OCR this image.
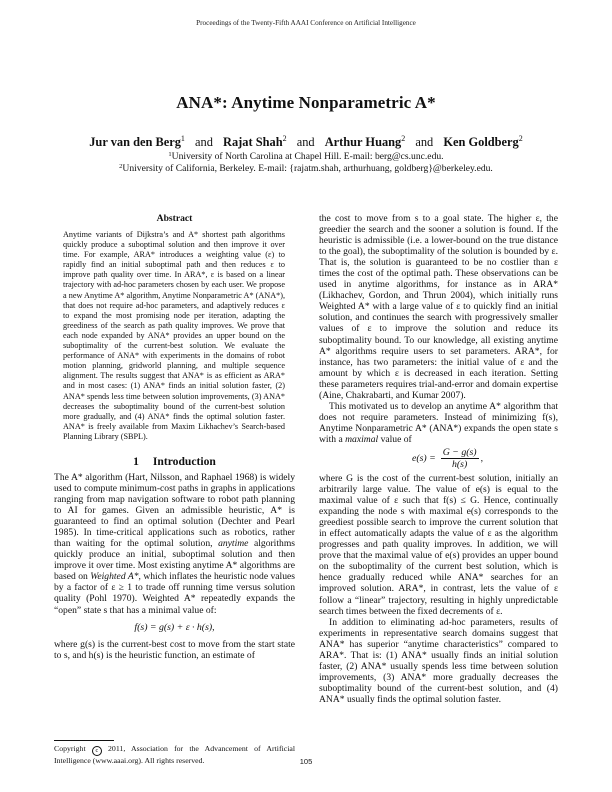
Proceedings of the Twenty-Fifth AAAI Conference on Artificial Intelligence
ANA*: Anytime Nonparametric A*
Jur van den Berg$^1$ and Rajat Shah$^2$ and Arthur Huang$^2$ and Ken Goldberg$^2$
$^1$University of North Carolina at Chapel Hill. E-mail: berg@cs.unc.edu.
$^2$University of California, Berkeley. E-mail: {rajatm.shah, arthurhuang, goldberg}@berkeley.edu.
Abstract

Anytime variants of Dijkstra’s and A* shortest path algorithms quickly produce a suboptimal solution and then improve it over time. For example, ARA* introduces a weighting value (ε) to rapidly find an initial suboptimal path and then reduces ε to improve path quality over time. In ARA*, ε is based on a linear trajectory with ad-hoc parameters chosen by each user. We propose a new Anytime A* algorithm, Anytime Nonparametric A* (ANA*), that does not require ad-hoc parameters, and adaptively reduces ε to expand the most promising node per iteration, adapting the greediness of the search as path quality improves. We prove that each node expanded by ANA* provides an upper bound on the suboptimality of the current-best solution. We evaluate the performance of ANA* with experiments in the domains of robot motion planning, gridworld planning, and multiple sequence alignment. The results suggest that ANA* is as efficient as ARA* and in most cases: (1) ANA* finds an initial solution faster, (2) ANA* spends less time between solution improvements, (3) ANA* decreases the suboptimality bound of the current-best solution more gradually, and (4) ANA* finds the optimal solution faster. ANA* is freely available from Maxim Likhachev’s Search-based Planning Library (SBPL).

1 Introduction

The A* algorithm (Hart, Nilsson, and Raphael 1968) is widely used to compute minimum-cost paths in graphs in applications ranging from map navigation software to robot path planning to AI for games. Given an admissible heuristic, A* is guaranteed to find an optimal solution (Dechter and Pearl 1985). In time-critical applications such as robotics, rather than waiting for the optimal solution, anytime algorithms quickly produce an initial, suboptimal solution and then improve it over time. Most existing anytime A* algorithms are based on Weighted A*, which inflates the heuristic node values by a factor of ε ≥ 1 to trade off running time versus solution quality (Pohl 1970). Weighted A* repeatedly expands the “open” state s that has a minimal value of:

f(s) = g(s) + ε · h(s),

where g(s) is the current-best cost to move from the start state to s, and h(s) is the heuristic function, an estimate of

the cost to move from s to a goal state. The higher ε, the greedier the search and the sooner a solution is found. If the heuristic is admissible (i.e. a lower-bound on the true distance to the goal), the suboptimality of the solution is bounded by ε. That is, the solution is guaranteed to be no costlier than ε times the cost of the optimal path. These observations can be used in anytime algorithms, for instance as in ARA* (Likhachev, Gordon, and Thrun 2004), which initially runs Weighted A* with a large value of ε to quickly find an initial solution, and continues the search with progressively smaller values of ε to improve the solution and reduce its suboptimality bound. To our knowledge, all existing anytime A* algorithms require users to set parameters. ARA*, for instance, has two parameters: the initial value of ε and the amount by which ε is decreased in each iteration. Setting these parameters requires trial-and-error and domain expertise (Aine, Chakrabarti, and Kumar 2007).

This motivated us to develop an anytime A* algorithm that does not require parameters. Instead of minimizing f(s), Anytime Nonparametric A* (ANA*) expands the open state s with a maximal value of

$e(s) = \frac{G - g(s)}{h(s)}$ ,

where G is the cost of the current-best solution, initially an arbitrarily large value. The value of e(s) is equal to the maximal value of ε such that f(s) ≤ G. Hence, continually expanding the node s with maximal e(s) corresponds to the greediest possible search to improve the current solution that in effect automatically adapts the value of ε as the algorithm progresses and path quality improves. In addition, we will prove that the maximal value of e(s) provides an upper bound on the suboptimality of the current best solution, which is hence gradually reduced while ANA* searches for an improved solution. ARA*, in contrast, lets the value of ε follow a “linear” trajectory, resulting in highly unpredictable search times between the fixed decrements of ε.

In addition to eliminating ad-hoc parameters, results of experiments in representative search domains suggest that ANA* has superior “anytime characteristics” compared to ARA*. That is: (1) ANA* usually finds an initial solution faster, (2) ANA* usually spends less time between solution improvements, (3) ANA* more gradually decreases the suboptimality bound of the current-best solution, and (4) ANA* usually finds the optimal solution faster.

Copyright c 2011, Association for the Advancement of Artificial Intelligence (www.aaai.org). All rights reserved.	105
